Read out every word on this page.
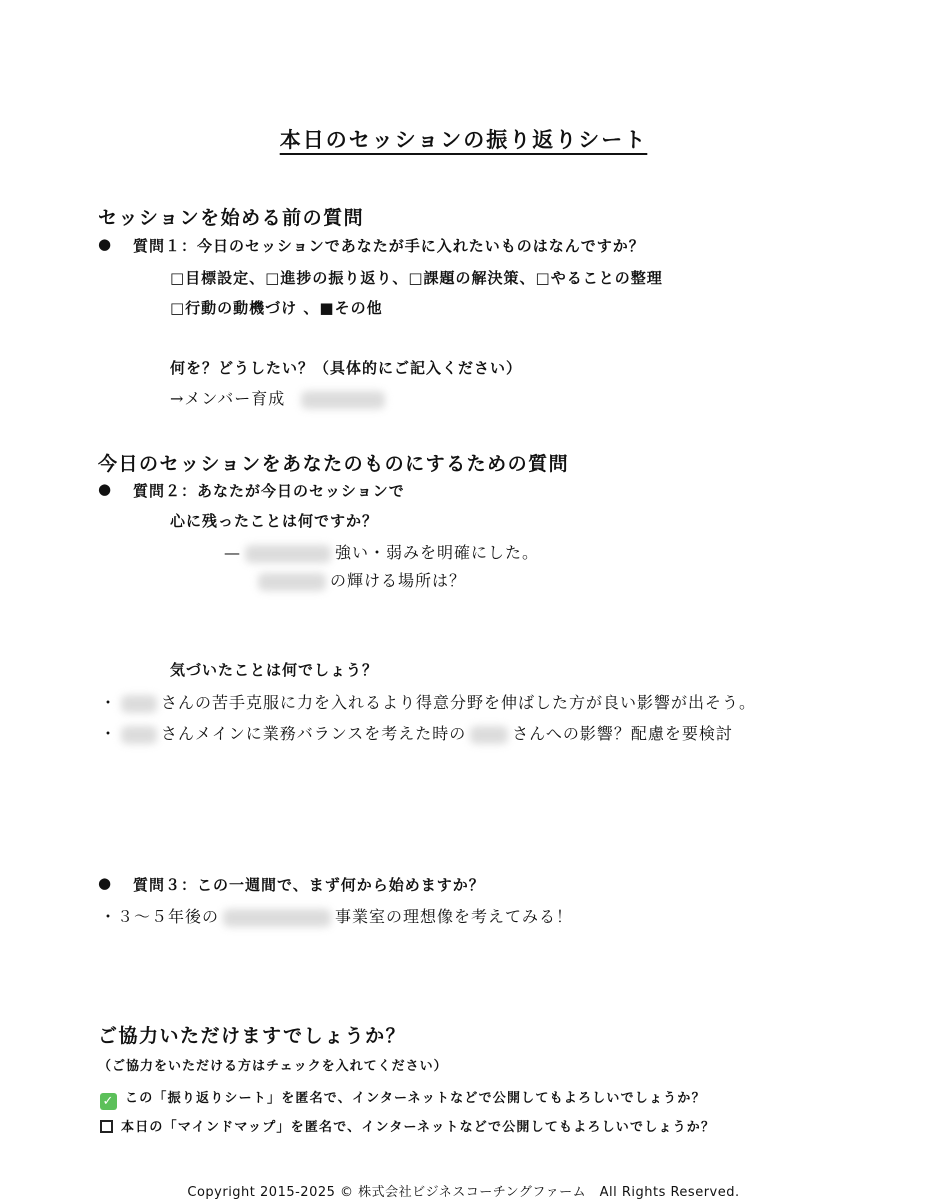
本日のセッションの振り返りシート
セッションを始める前の質問
● 質問１：今日のセッションであなたが手に入れたいものはなんですか？
□目標設定、□進捗の振り返り、□課題の解決策、□やることの整理
□行動の動機づけ 、■その他
何を？どうしたい？（具体的にご記入ください）
→メンバー育成
今日のセッションをあなたのものにするための質問
● 質問２：あなたが今日のセッションで
心に残ったことは何ですか？
—	強い・弱みを明確にした。
の輝ける場所は？
気づいたことは何でしょう？
・	さんの苦手克服に力を入れるより得意分野を伸ばした方が良い影響が出そう。
・	さんメインに業務バランスを考えた時の	さんへの影響？配慮を要検討
● 質問３：この一週間で、まず何から始めますか？
・３～５年後の	事業室の理想像を考えてみる！
ご協力いただけますでしょうか？
（ご協力をいただける方はチェックを入れてください）
✓ この「振り返りシート」を匿名で、インターネットなどで公開してもよろしいでしょうか？
本日の「マインドマップ」を匿名で、インターネットなどで公開してもよろしいでしょうか？
Copyright 2015-2025 © 株式会社ビジネスコーチングファーム　All Rights Reserved.
